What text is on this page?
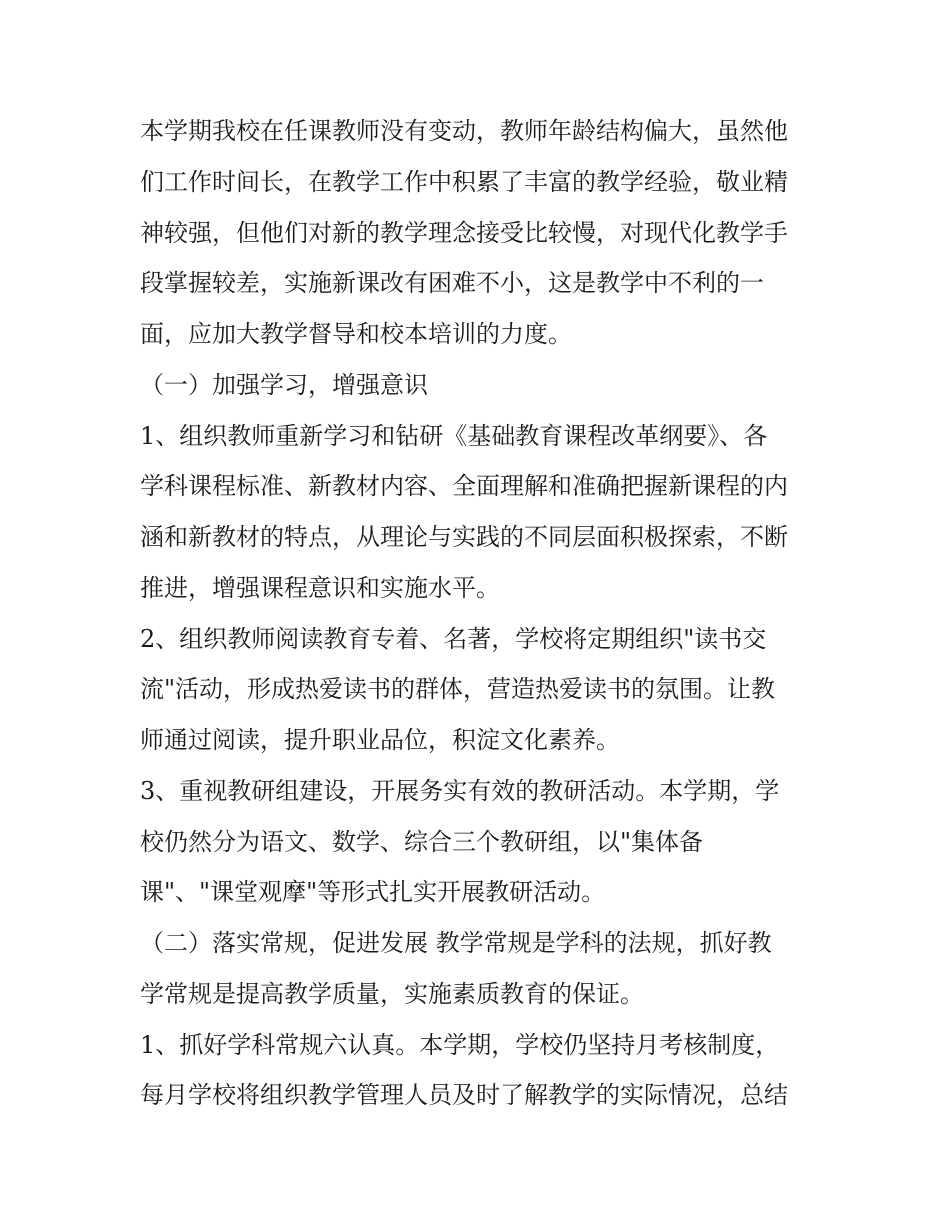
本学期我校在任课教师没有变动，教师年龄结构偏大，虽然他
们工作时间长，在教学工作中积累了丰富的教学经验，敬业精
神较强，但他们对新的教学理念接受比较慢，对现代化教学手
段掌握较差，实施新课改有困难不小，这是教学中不利的一
面，应加大教学督导和校本培训的力度。
（一）加强学习，增强意识
1、组织教师重新学习和钻研《基础教育课程改革纲要》、各
学科课程标准、新教材内容、全面理解和准确把握新课程的内
涵和新教材的特点，从理论与实践的不同层面积极探索，不断
推进，增强课程意识和实施水平。
2、组织教师阅读教育专着、名著，学校将定期组织"读书交
流"活动，形成热爱读书的群体，营造热爱读书的氛围。让教
师通过阅读，提升职业品位，积淀文化素养。
3、重视教研组建设，开展务实有效的教研活动。本学期，学
校仍然分为语文、数学、综合三个教研组，以"集体备
课"、"课堂观摩"等形式扎实开展教研活动。
（二）落实常规，促进发展 教学常规是学科的法规，抓好教
学常规是提高教学质量，实施素质教育的保证。
1、抓好学科常规六认真。本学期，学校仍坚持月考核制度，
每月学校将组织教学管理人员及时了解教学的实际情况，总结
